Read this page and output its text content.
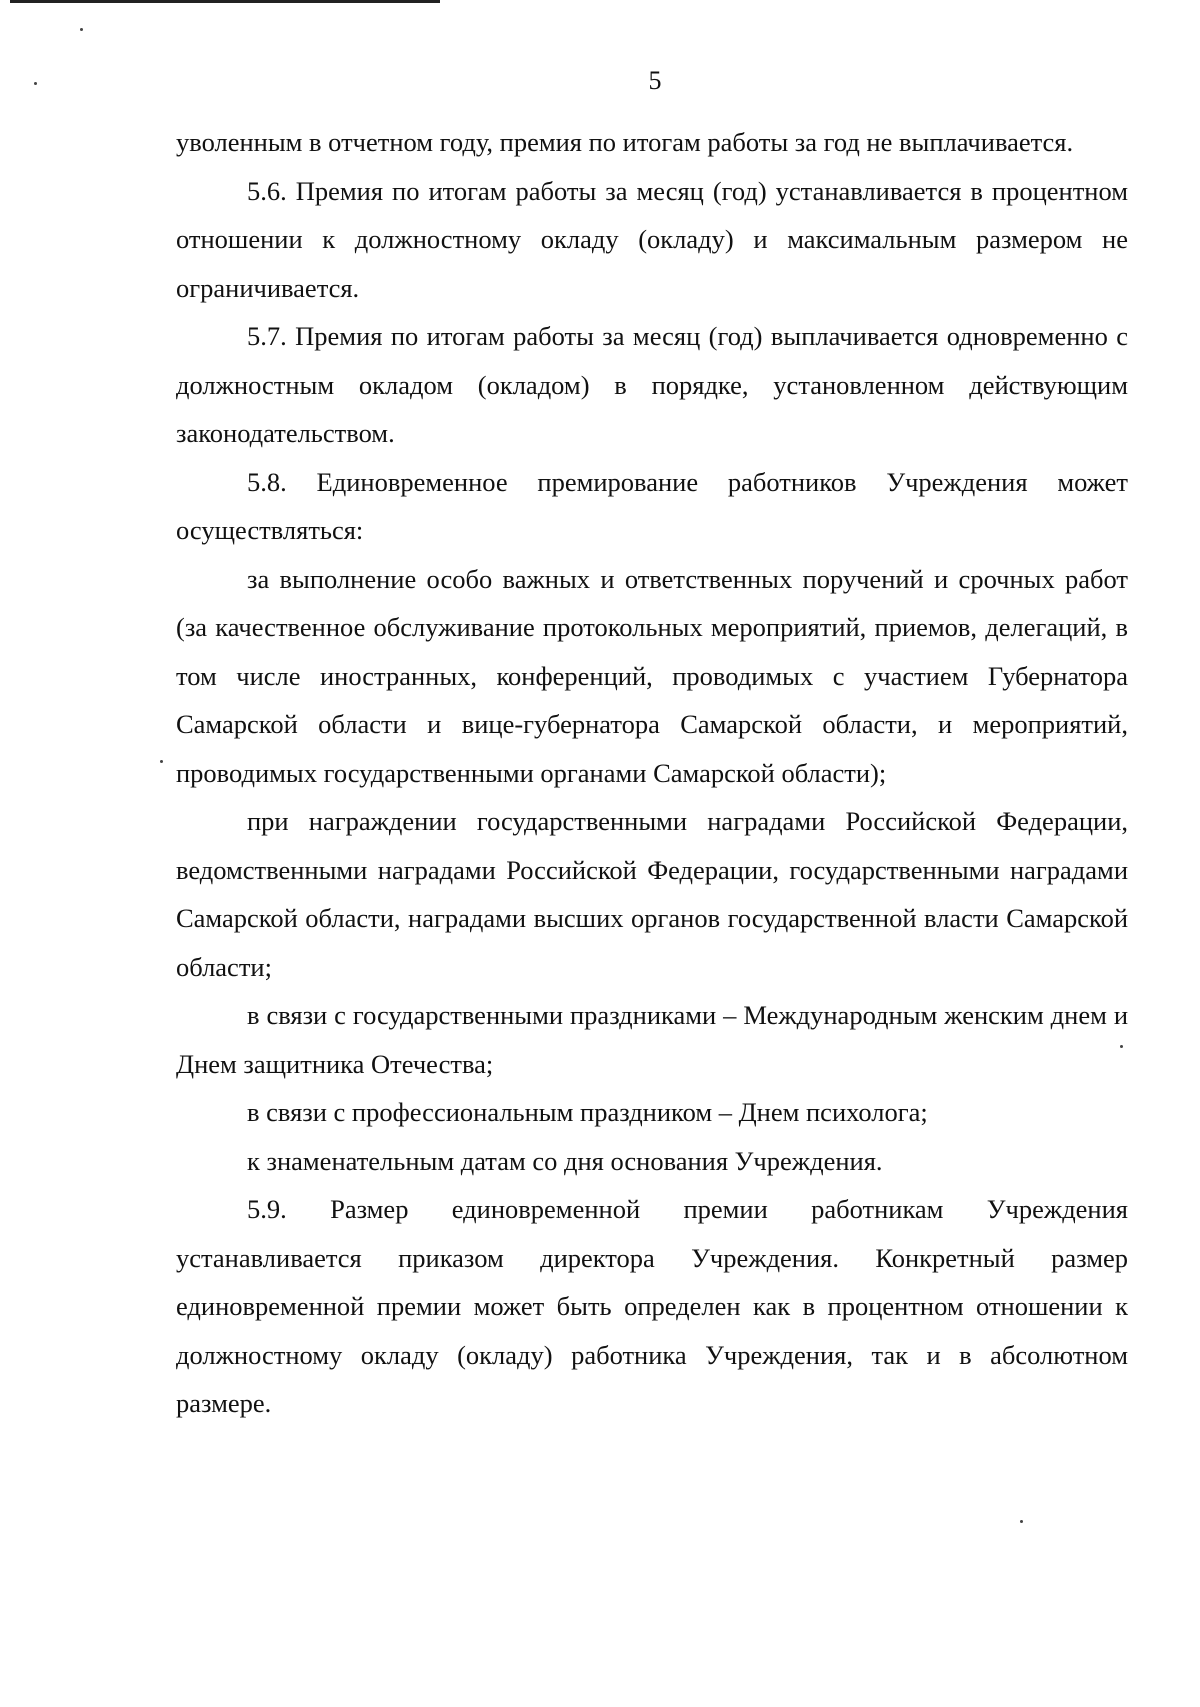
5

уволенным в отчетном году, премия по итогам работы за год не выплачивается.

5.6. Премия по итогам работы за месяц (год) устанавливается в процентном отношении к должностному окладу (окладу) и максимальным размером не ограничивается.

5.7. Премия по итогам работы за месяц (год) выплачивается одновременно с должностным окладом (окладом) в порядке, установленном действующим законодательством.

5.8. Единовременное премирование работников Учреждения может осуществляться:

за выполнение особо важных и ответственных поручений и срочных работ (за качественное обслуживание протокольных мероприятий, приемов, делегаций, в том числе иностранных, конференций, проводимых с участием Губернатора Самарской области и вице-губернатора Самарской области, и мероприятий, проводимых государственными органами Самарской области);

при награждении государственными наградами Российской Федерации, ведомственными наградами Российской Федерации, государственными наградами Самарской области, наградами высших органов государственной власти Самарской области;

в связи с государственными праздниками – Международным женским днем и Днем защитника Отечества;

в связи с профессиональным праздником – Днем психолога;

к знаменательным датам со дня основания Учреждения.

5.9. Размер единовременной премии работникам Учреждения устанавливается приказом директора Учреждения. Конкретный размер единовременной премии может быть определен как в процентном отношении к должностному окладу (окладу) работника Учреждения, так и в абсолютном размере.
